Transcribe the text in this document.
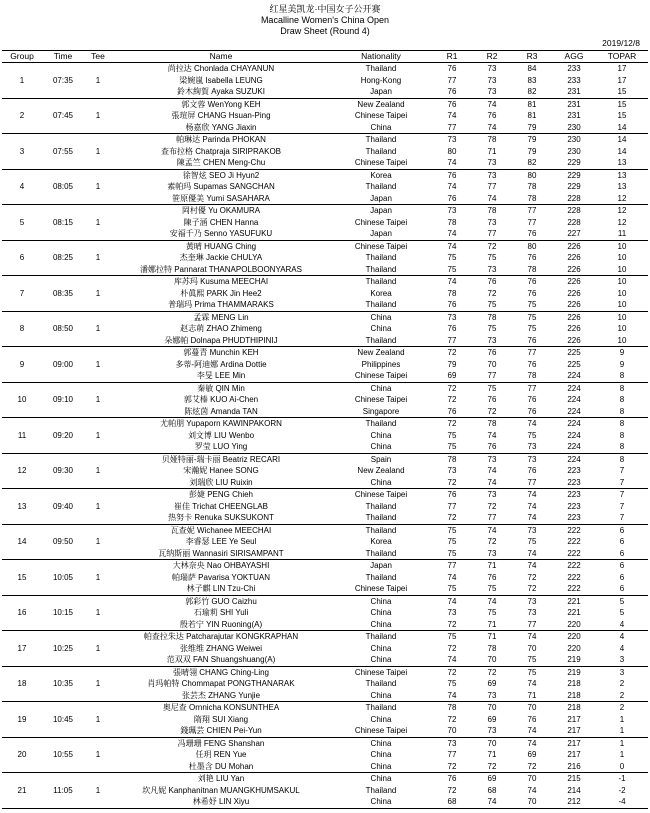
红星美凯龙·中国女子公开赛
Macalline Women's China Open
Draw Sheet (Round 4)
2019/12/8
Group	Time	Tee	Name	Nationality	R1	R2	R3	AGG	TOPAR
			尚拉达 Chonlada CHAYANUN	Thailand	76	73	84	233	17
1	07:35	1	梁婉嵐 Isabella LEUNG	Hong-Kong	77	73	83	233	17
			鈴木絢賀 Ayaka SUZUKI	Japan	76	73	82	231	15
			郭文蓉 WenYong KEH	New Zealand	76	74	81	231	15
2	07:45	1	張瑄屏 CHANG Hsuan-Ping	Chinese Taipei	74	76	81	231	15
			杨嘉欣 YANG Jiaxin	China	77	74	79	230	14
			帕琳达 Parinda PHOKAN	Thailand	73	78	79	230	14
3	07:55	1	查布拉格 Chatpraja SIRIPRAKOB	Thailand	80	71	79	230	14
			陳孟竺 CHEN Meng-Chu	Chinese Taipei	74	73	82	229	13
			徐智炫 SEO Ji Hyun2	Korea	76	73	80	229	13
4	08:05	1	素帕玛 Supamas SANGCHAN	Thailand	74	77	78	229	13
			笹原優美 Yumi SASAHARA	Japan	76	74	78	228	12
			岡村優 Yu OKAMURA	Japan	73	78	77	228	12
5	08:15	1	陳子涵 CHEN Hanna	Chinese Taipei	78	73	77	228	12
			安福千乃 Senno YASUFUKU	Japan	74	77	76	227	11
			黃晴 HUANG Ching	Chinese Taipei	74	72	80	226	10
6	08:25	1	杰奎琳 Jackie CHULYA	Thailand	75	75	76	226	10
			潘娜拉特 Pannarat THANAPOLBOONYARAS	Thailand	75	73	78	226	10
			库苏玛 Kusuma MEECHAI	Thailand	74	76	76	226	10
7	08:35	1	朴眞熙 PARK Jin Hee2	Korea	78	72	76	226	10
			普瑞玛 Prima THAMMARAKS	Thailand	76	75	75	226	10
			孟霖 MENG Lin	China	73	78	75	226	10
8	08:50	1	赵志萌 ZHAO Zhimeng	China	76	75	75	226	10
			朵娜帕 Dolnapa PHUDTHIPINIJ	Thailand	77	73	76	226	10
			郭蔓青 Munchin KEH	New Zealand	72	76	77	225	9
9	09:00	1	多蒂-阿迪娜 Ardina Dottie	Philippines	79	70	76	225	9
			李旻 LEE Min	Chinese Taipei	69	77	78	224	8
			秦敏 QIN Min	China	72	75	77	224	8
10	09:10	1	郭艾榛 KUO Ai-Chen	Chinese Taipei	72	76	76	224	8
			陈炫茵 Amanda TAN	Singapore	76	72	76	224	8
			尤帕朋 Yupaporn KAWINPAKORN	Thailand	72	78	74	224	8
11	09:20	1	刘文博 LIU Wenbo	China	75	74	75	224	8
			罗莹 LUO Ying	China	75	76	73	224	8
			贝娅特丽-瑞卡丽 Beatriz RECARI	Spain	78	73	73	224	8
12	09:30	1	宋瀚妮 Hanee SONG	New Zealand	73	74	76	223	7
			刘瑞欣 LIU Ruixin	China	72	74	77	223	7
			彭婕 PENG Chieh	Chinese Taipei	76	73	74	223	7
13	09:40	1	崔佳 Trichat CHEENGLAB	Thailand	77	72	74	223	7
			热努卡 Renuka SUKSUKONT	Thailand	72	77	74	223	7
			瓦查妮 Wichanee MEECHAI	Thailand	75	74	73	222	6
14	09:50	1	李睿瑟 LEE Ye Seul	Korea	75	72	75	222	6
			瓦纳斯丽 Wannasiri SIRISAMPANT	Thailand	75	73	74	222	6
			大林奈央 Nao OHBAYASHI	Japan	77	71	74	222	6
15	10:05	1	帕瑞萨 Pavarisa YOKTUAN	Thailand	74	76	72	222	6
			林子麒 LIN Tzu-Chi	Chinese Taipei	75	75	72	222	6
			郭彩竹 GUO Caizhu	China	74	74	73	221	5
16	10:15	1	石瑜莉 SHI Yuli	China	73	75	73	221	5
			殷若宁 YIN Ruoning(A)	China	72	71	77	220	4
			帕查拉朱达 Patcharajutar KONGKRAPHAN	Thailand	75	71	74	220	4
17	10:25	1	张维维 ZHANG Weiwei	China	72	78	70	220	4
			范双双 FAN Shuangshuang(A)	China	74	70	75	219	3
			張晴翎 CHANG Ching-Ling	Chinese Taipei	72	72	75	219	3
18	10:35	1	肖玛帕特 Chommapat PONGTHANARAK	Thailand	75	69	74	218	2
			张芸杰 ZHANG Yunjie	China	74	73	71	218	2
			奥尼查 Ornnicha KONSUNTHEA	Thailand	78	70	70	218	2
19	10:45	1	隋翔 SUI Xiang	China	72	69	76	217	1
			錢珮芸 CHIEN Pei-Yun	Chinese Taipei	70	73	74	217	1
			冯珊珊 FENG Shanshan	China	73	70	74	217	1
20	10:55	1	任玥 REN Yue	China	77	71	69	217	1
			杜墨含 DU Mohan	China	72	72	72	216	0
			刘艳 LIU Yan	China	76	69	70	215	-1
21	11:05	1	坎凡妮 Kanphanitnan MUANGKHUMSAKUL	Thailand	72	68	74	214	-2
			林希妤 LIN Xiyu	China	68	74	70	212	-4
